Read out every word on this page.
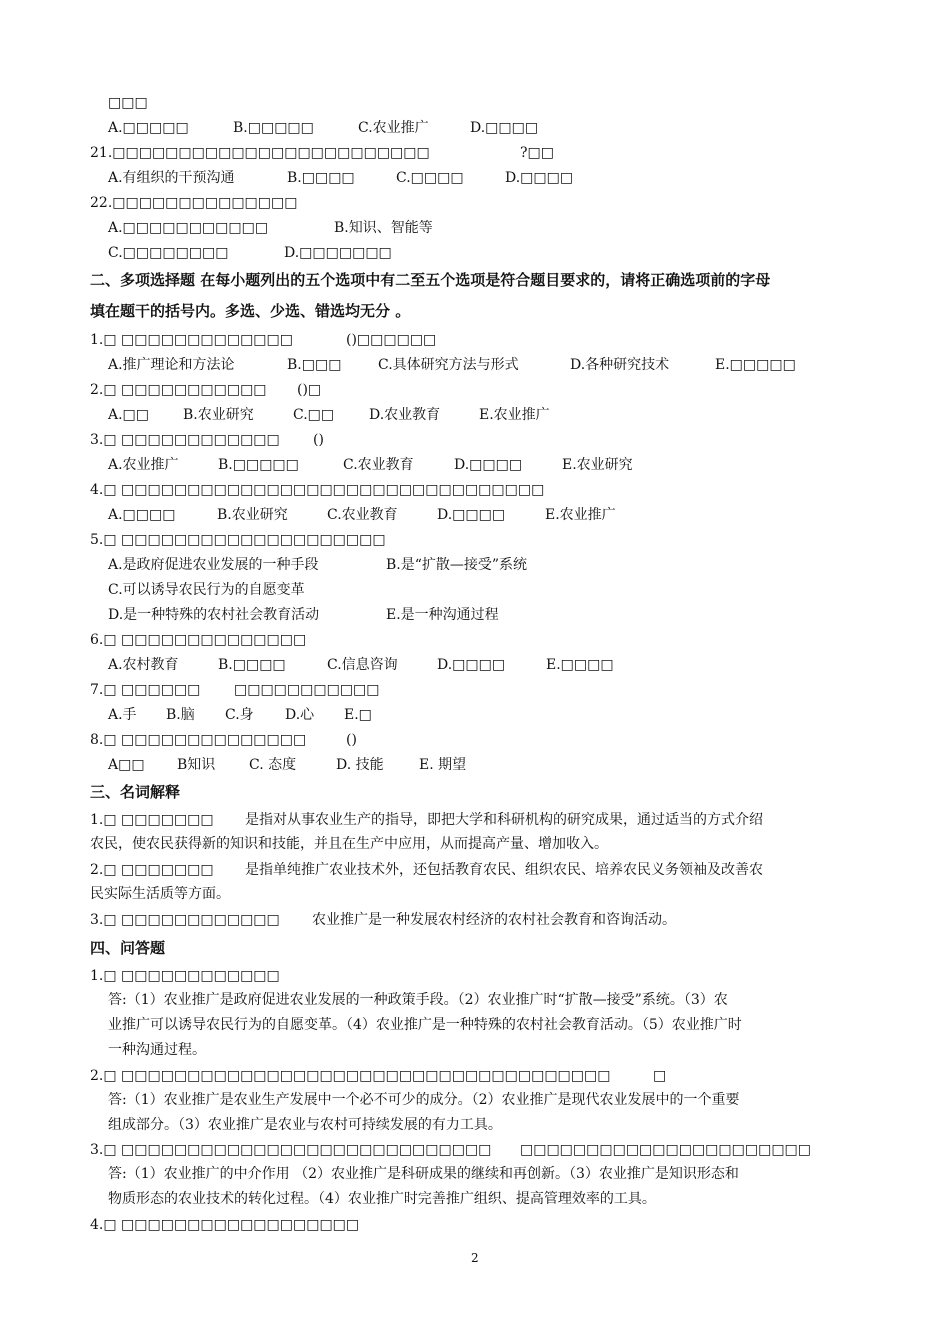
□□□
A.□□□□□	B.□□□□□	C.农业推广	D.□□□□
21.□□□□□□□□□□□□□□□□□□□□□□□□	?□□
A.有组织的干预沟通	B.□□□□	C.□□□□	D.□□□□
22.□□□□□□□□□□□□□□
A.□□□□□□□□□□□	B.知识、智能等
C.□□□□□□□□	D.□□□□□□□
二、多项选择题 在每小题列出的五个选项中有二至五个选项是符合题目要求的，请将正确选项前的字母
填在题干的括号内。多选、少选、错选均无分 。
1.□ □□□□□□□□□□□□□	()□□□□□□
A.推广理论和方法论	B.□□□	C.具体研究方法与形式	D.各种研究技术	E.□□□□□
2.□ □□□□□□□□□□□ ()□
A.□□ B.农业研究	C.□□ D.农业教育	E.农业推广
3.□ □□□□□□□□□□□□ ()
A.农业推广	B.□□□□□	C.农业教育	D.□□□□	E.农业研究
4.□ □□□□□□□□□□□□□□□□□□□□□□□□□□□□□□□□
A.□□□□	B.农业研究	C.农业教育	D.□□□□	E.农业推广
5.□ □□□□□□□□□□□□□□□□□□□□
A.是政府促进农业发展的一种手段	B.是“扩散—接受”系统
C.可以诱导农民行为的自愿变革
D.是一种特殊的农村社会教育活动	E.是一种沟通过程
6.□ □□□□□□□□□□□□□□
A.农村教育	B.□□□□	C.信息咨询	D.□□□□	E.□□□□
7.□ □□□□□□ □□□□□□□□□□□
A.手 B.脑 C.身 D.心 E.□
8.□ □□□□□□□□□□□□□□	()
A□□ B知识 C. 态度	D. 技能	E. 期望
三、名词解释
1.□ □□□□□□□ 是指对从事农业生产的指导，即把大学和科研机构的研究成果，通过适当的方式介绍
农民，使农民获得新的知识和技能，并且在生产中应用，从而提高产量、增加收入。
2.□ □□□□□□□ 是指单纯推广农业技术外，还包括教育农民、组织农民、培养农民义务领袖及改善农
民实际生活质等方面。
3.□ □□□□□□□□□□□□ 农业推广是一种发展农村经济的农村社会教育和咨询活动。
四、问答题
1.□ □□□□□□□□□□□□
答:（1）农业推广是政府促进农业发展的一种政策手段。（2）农业推广时“扩散—接受”系统。（3）农
业推广可以诱导农民行为的自愿变革。（4）农业推广是一种特殊的农村社会教育活动。（5）农业推广时
一种沟通过程。
2.□ □□□□□□□□□□□□□□□□□□□□□□□□□□□□□□□□□□□□□	□
答:（1）农业推广是农业生产发展中一个必不可少的成分。（2）农业推广是现代农业发展中的一个重要
组成部分。（3）农业推广是农业与农村可持续发展的有力工具。
3.□ □□□□□□□□□□□□□□□□□□□□□□□□□□□□ □□□□□□□□□□□□□□□□□□□□□□
答:（1）农业推广的中介作用 （2）农业推广是科研成果的继续和再创新。（3）农业推广是知识形态和
物质形态的农业技术的转化过程。（4）农业推广时完善推广组织、提高管理效率的工具。
4.□ □□□□□□□□□□□□□□□□□□
2
